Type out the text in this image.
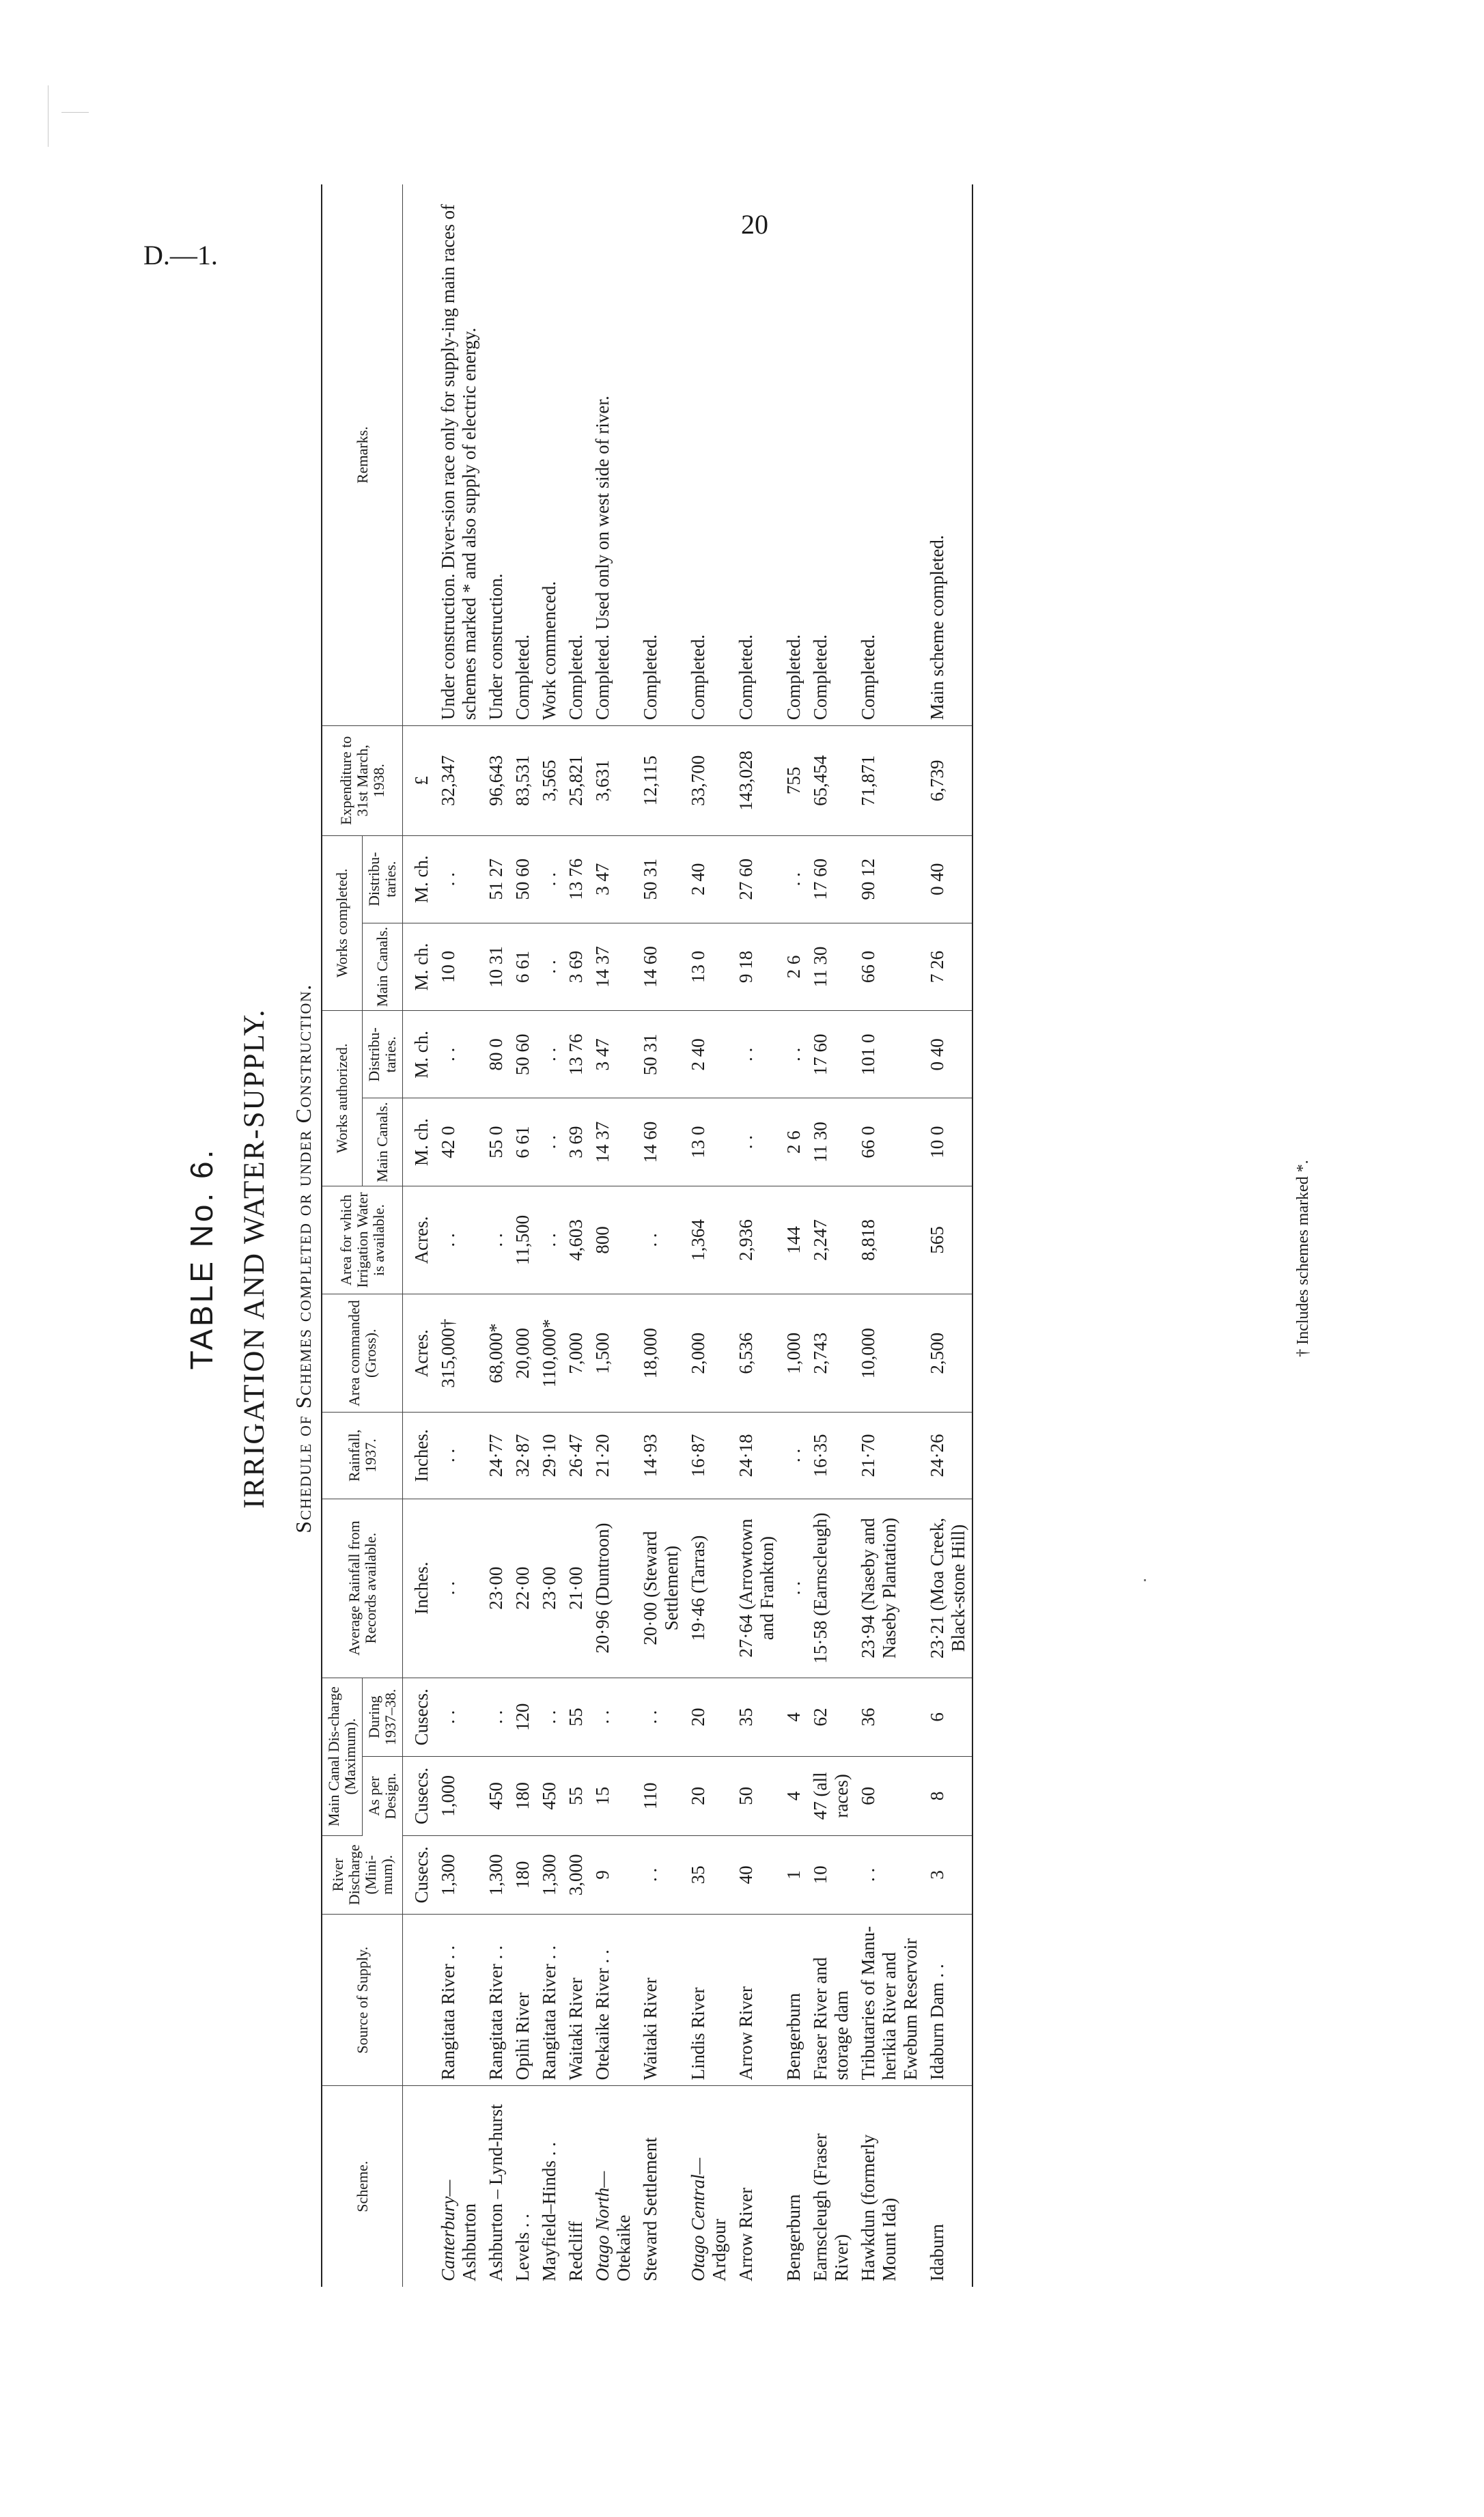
D.—1.
20
TABLE No. 6. IRRIGATION AND WATER-SUPPLY. Schedule of Schemes completed or under Construction.
Scheme.	Source of Supply.	River Discharge (Mini-mum).	Main Canal Dis-charge (Maximum).		Average Rainfall from Records available.	Rainfall, 1937.	Area commanded (Gross).	Area for which Irrigation Water is available.	Works authorized.		Works completed.		Expenditure to 31st March, 1938.	Remarks.
			As per Design.	During 1937–38.					Main Canals.	Distribu-taries.	Main Canals.	Distribu-taries.		
		Cusecs.	Cusecs.	Cusecs.	Inches.	Inches.	Acres.	Acres.	M. ch.	M. ch.	M. ch.	M. ch.	£	

Canterbury— Ashburton	Rangitata River . .	1,300	1,000	. .	. .	. .	315,000†	. .	42 0	. .	10 0	. .	32,347	Under construction. Diver-sion race only for supply-ing main races of schemes marked * and also supply of electric energy.
Ashburton – Lynd-hurst	Rangitata River . .	1,300	450	. .	23·00	24·77	68,000*	. .	55 0	80 0	10 31	51 27	96,643	Under construction.
Levels . .	Opihi River	180	180	120	22·00	32·87	20,000	11,500	6 61	50 60	6 61	50 60	83,531	Completed.
Mayfield–Hinds . .	Rangitata River . .	1,300	450	. .	23·00	29·10	110,000*	. .	. .	. .	. .	. .	3,565	Work commenced.
Redcliff	Waitaki River	3,000	55	55	21·00	26·47	7,000	4,603	3 69	13 76	3 69	13 76	25,821	Completed.

Otago North— Otekaike	Otekaike River . .	9	15	. .	20·96 (Duntroon)	21·20	1,500	800	14 37	3 47	14 37	3 47	3,631	Completed. Used only on west side of river.
Steward Settlement	Waitaki River	. .	110	. .	20·00 (Steward Settlement)	14·93	18,000	. .	14 60	50 31	14 60	50 31	12,115	Completed.

Otago Central— Ardgour	Lindis River	35	20	20	19·46 (Tarras)	16·87	2,000	1,364	13 0	2 40	13 0	2 40	33,700	Completed.
Arrow River	Arrow River	40	50	35	27·64 (Arrowtown and Frankton)	24·18	6,536	2,936	. .	. .	9 18	27 60	143,028	Completed.
Bengerburn	Bengerburn	1	4	4	. .	. .	1,000	144	2 6	. .	2 6	. .	755	Completed.
Earnscleugh (Fraser River)	Fraser River and storage dam	10	47 (all races)	62	15·58 (Earnscleugh)	16·35	2,743	2,247	11 30	17 60	11 30	17 60	65,454	Completed.
Hawkdun (formerly Mount Ida)	Tributaries of Manu-herikia River and Ewebum Reservoir	. .	60	36	23·94 (Naseby and Naseby Plantation)	21·70	10,000	8,818	66 0	101 0	66 0	90 12	71,871	Completed.
Idaburn	Idaburn Dam . .	3	8	6	23·21 (Moa Creek, Black-stone Hill)	24·26	2,500	565	10 0	0 40	7 26	0 40	6,739	Main scheme completed.
† Includes schemes marked *.
